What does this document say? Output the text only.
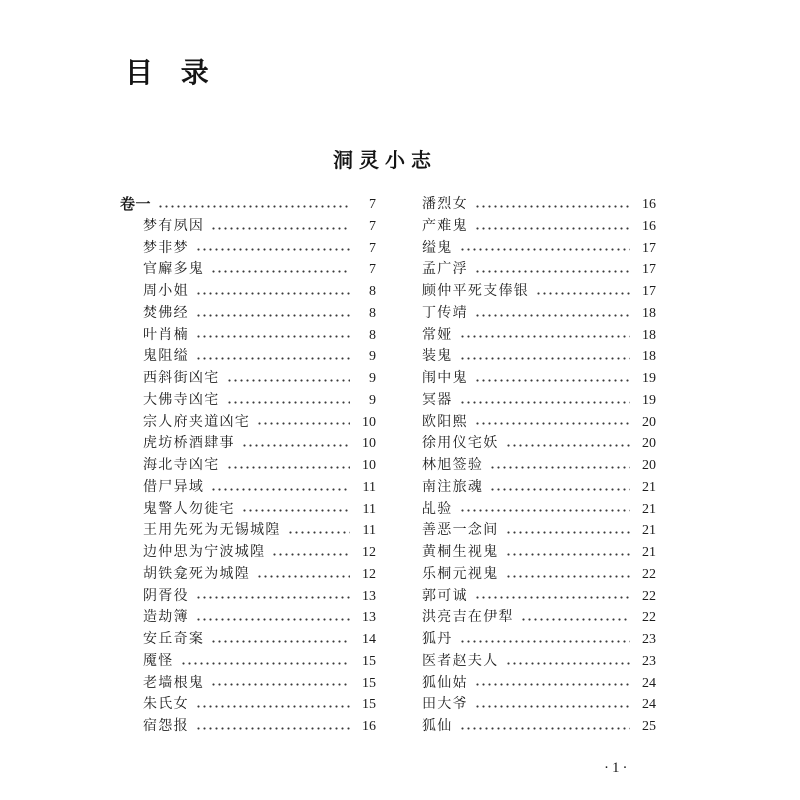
目 录
洞灵小志
卷一	7
梦有夙因	7
梦非梦	7
官廨多鬼	7
周小姐	8
焚佛经	8
叶肖楠	8
鬼阻缢	9
西斜街凶宅	9
大佛寺凶宅	9
宗人府夹道凶宅	10
虎坊桥酒肆事	10
海北寺凶宅	10
借尸异域	11
鬼警人勿徙宅	11
王用先死为无锡城隍	11
边仲思为宁波城隍	12
胡铁龛死为城隍	12
阴胥役	13
造劫簿	13
安丘奇案	14
魇怪	15
老墙根鬼	15
朱氏女	15
宿怨报	16
潘烈女	16
产难鬼	16
缢鬼	17
孟广浮	17
顾仲平死支俸银	17
丁传靖	18
常娅	18
装鬼	18
闱中鬼	19
冥器	19
欧阳熙	20
徐用仪宅妖	20
林旭签验	20
南注旅魂	21
乩验	21
善恶一念间	21
黄桐生视鬼	21
乐桐元视鬼	22
郭可诚	22
洪亮吉在伊犁	22
狐丹	23
医者赵夫人	23
狐仙姑	24
田大爷	24
狐仙	25
·1·
